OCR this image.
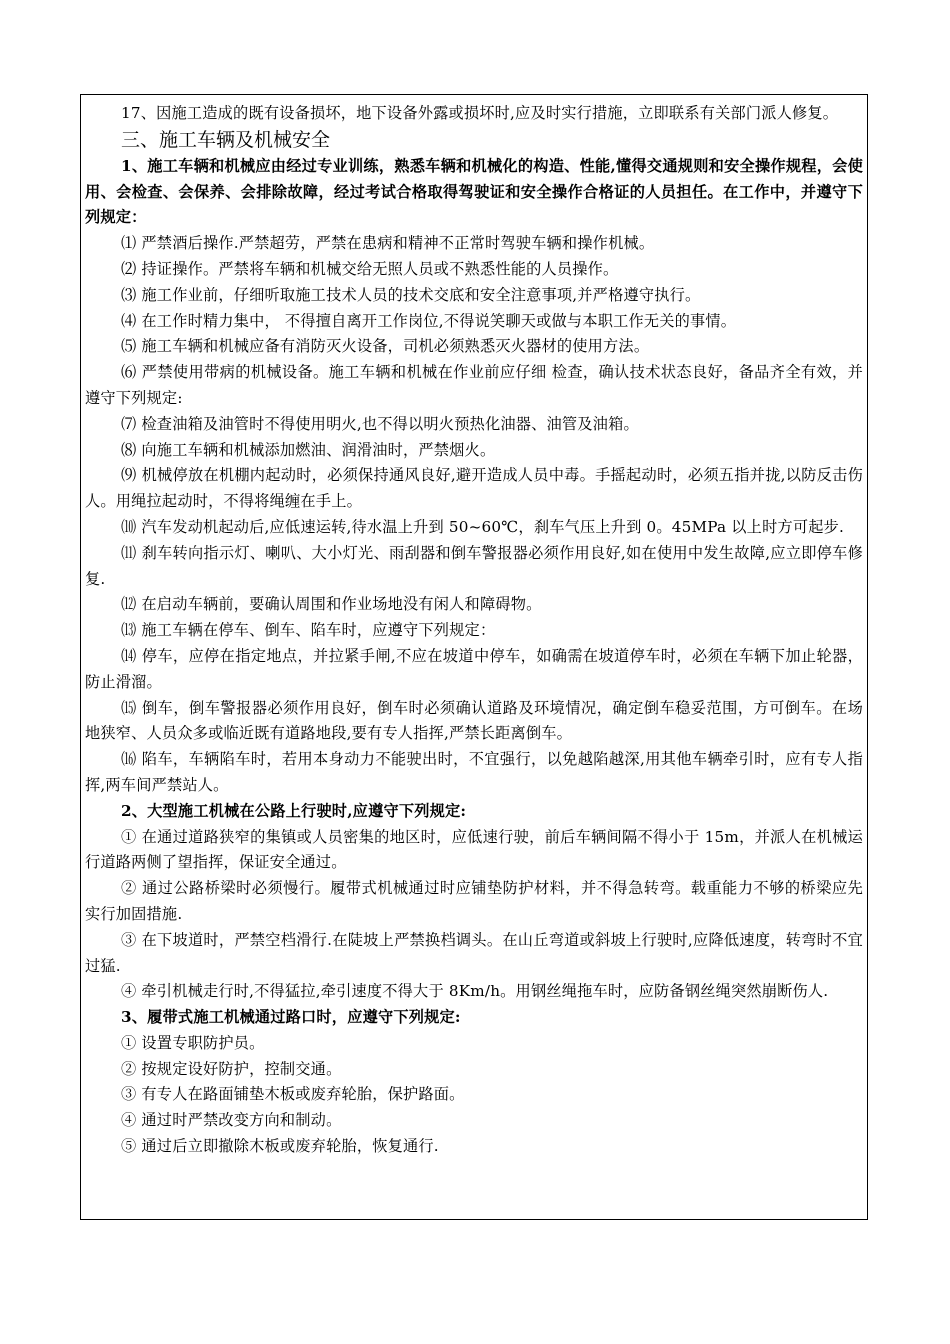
17、因施工造成的既有设备损坏，地下设备外露或损坏时,应及时实行措施，立即联系有关部门派人修复。

三、施工车辆及机械安全

1、施工车辆和机械应由经过专业训练，熟悉车辆和机械化的构造、性能,懂得交通规则和安全操作规程，会使用、会检查、会保养、会排除故障，经过考试合格取得驾驶证和安全操作合格证的人员担任。在工作中，并遵守下列规定：

⑴ 严禁酒后操作.严禁超劳，严禁在患病和精神不正常时驾驶车辆和操作机械。

⑵ 持证操作。严禁将车辆和机械交给无照人员或不熟悉性能的人员操作。

⑶ 施工作业前，仔细听取施工技术人员的技术交底和安全注意事项,并严格遵守执行。

⑷ 在工作时精力集中， 不得擅自离开工作岗位,不得说笑聊天或做与本职工作无关的事情。

⑸ 施工车辆和机械应备有消防灭火设备，司机必须熟悉灭火器材的使用方法。

⑹ 严禁使用带病的机械设备。施工车辆和机械在作业前应仔细 检查，确认技术状态良好，备品齐全有效，并遵守下列规定:

⑺ 检查油箱及油管时不得使用明火,也不得以明火预热化油器、油管及油箱。

⑻ 向施工车辆和机械添加燃油、润滑油时，严禁烟火。

⑼ 机械停放在机棚内起动时，必须保持通风良好,避开造成人员中毒。手摇起动时，必须五指并拢,以防反击伤人。用绳拉起动时，不得将绳缠在手上。

⑽ 汽车发动机起动后,应低速运转,待水温上升到 50~60℃，刹车气压上升到 0。45MPa 以上时方可起步.

⑾ 刹车转向指示灯、喇叭、大小灯光、雨刮器和倒车警报器必须作用良好,如在使用中发生故障,应立即停车修复.

⑿ 在启动车辆前，要确认周围和作业场地没有闲人和障碍物。

⒀ 施工车辆在停车、倒车、陷车时，应遵守下列规定：

⒁ 停车，应停在指定地点，并拉紧手闸,不应在坡道中停车，如确需在坡道停车时，必须在车辆下加止轮器，防止滑溜。

⒂ 倒车，倒车警报器必须作用良好，倒车时必须确认道路及环境情况，确定倒车稳妥范围，方可倒车。在场地狭窄、人员众多或临近既有道路地段,要有专人指挥,严禁长距离倒车。

⒃ 陷车，车辆陷车时，若用本身动力不能驶出时，不宜强行，以免越陷越深,用其他车辆牵引时，应有专人指挥,两车间严禁站人。

2、大型施工机械在公路上行驶时,应遵守下列规定:

① 在通过道路狭窄的集镇或人员密集的地区时，应低速行驶，前后车辆间隔不得小于 15m，并派人在机械运行道路两侧了望指挥，保证安全通过。

② 通过公路桥梁时必须慢行。履带式机械通过时应铺垫防护材料，并不得急转弯。载重能力不够的桥梁应先实行加固措施.

③ 在下坡道时，严禁空档滑行.在陡坡上严禁换档调头。在山丘弯道或斜坡上行驶时,应降低速度，转弯时不宜过猛.

④ 牵引机械走行时,不得猛拉,牵引速度不得大于 8Km/h。用钢丝绳拖车时，应防备钢丝绳突然崩断伤人.

3、履带式施工机械通过路口时，应遵守下列规定:

① 设置专职防护员。

② 按规定设好防护，控制交通。

③ 有专人在路面铺垫木板或废弃轮胎，保护路面。

④ 通过时严禁改变方向和制动。

⑤ 通过后立即撤除木板或废弃轮胎，恢复通行.
